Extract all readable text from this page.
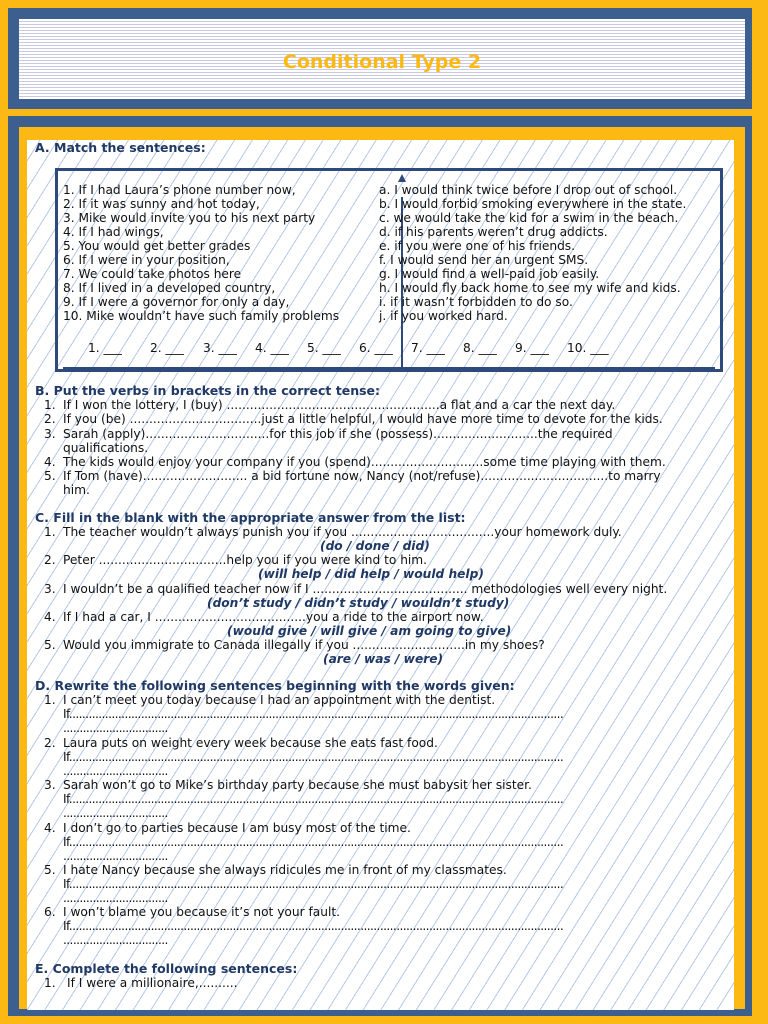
Conditional Type 2
A. Match the sentences:
1. If I had Laura’s phone number now,
2. If it was sunny and hot today,
3. Mike would invite you to his next party
4. If I had wings,
5. You would get better grades
6. If I were in your position,
7. We could take photos here
8. If I lived in a developed country,
9. If I were a governor for only a day,
10. Mike wouldn’t have such family problems
a. I would think twice before I drop out of school.
b. I would forbid smoking everywhere in the state.
c. we would take the kid for a swim in the beach.
d. if his parents weren’t drug addicts.
e. if you were one of his friends.
f. I would send her an urgent SMS.
g. I would find a well-paid job easily.
h. I would fly back home to see my wife and kids.
i. if it wasn’t forbidden to do so.
j. if you worked hard.
1. ___ 2. ___ 3. ___ 4. ___ 5. ___ 6. ___ 7. ___ 8. ___ 9. ___ 10. ___
B. Put the verbs in brackets in the correct tense:
1. If I won the lottery, I (buy) .......................................................a flat and a car the next day.
2. If you (be) ..................................just a little helpful, I would have more time to devote for the kids.
3. Sarah (apply)................................for this job if she (possess)...........................the required
qualifications.
4. The kids would enjoy your company if you (spend).............................some time playing with them.
5. If Tom (have)........................... a bid fortune now, Nancy (not/refuse).................................to marry
him.
C. Fill in the blank with the appropriate answer from the list:
1. The teacher wouldn’t always punish you if you .....................................your homework duly.
(do / done / did)
2. Peter .................................help you if you were kind to him.
(will help / did help / would help)
3. I wouldn’t be a qualified teacher now if I ........................................ methodologies well every night.
(don’t study / didn’t study / wouldn’t study)
4. If I had a car, I .......................................you a ride to the airport now.
(would give / will give / am going to give)
5. Would you immigrate to Canada illegally if you .............................in my shoes?
(are / was / were)
D. Rewrite the following sentences beginning with the words given:
1. I can’t meet you today because I had an appointment with the dentist.
If.......................................................................................................................................................
................................
2. Laura puts on weight every week because she eats fast food.
If.......................................................................................................................................................
................................
3. Sarah won’t go to Mike’s birthday party because she must babysit her sister.
If.......................................................................................................................................................
................................
4. I don’t go to parties because I am busy most of the time.
If.......................................................................................................................................................
................................
5. I hate Nancy because she always ridicules me in front of my classmates.
If.......................................................................................................................................................
................................
6. I won’t blame you because it’s not your fault.
If.......................................................................................................................................................
................................
E. Complete the following sentences:
1. If I were a millionaire,..........
